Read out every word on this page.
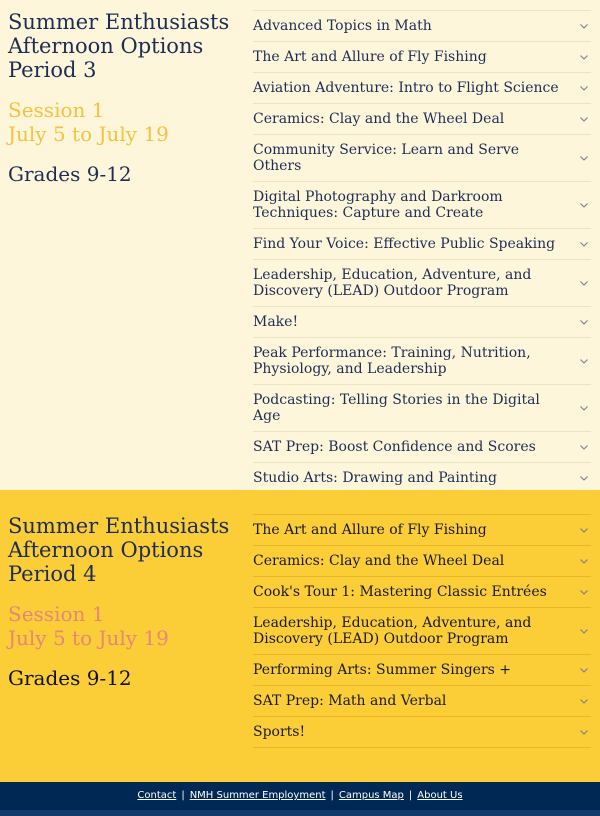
Summer Enthusiasts
Afternoon Options
Period 3

Session 1
July 5 to July 19

Grades 9-12

Advanced Topics in Math
The Art and Allure of Fly Fishing
Aviation Adventure: Intro to Flight Science
Ceramics: Clay and the Wheel Deal
Community Service: Learn and Serve Others
Digital Photography and Darkroom Techniques: Capture and Create
Find Your Voice: Effective Public Speaking
Leadership, Education, Adventure, and Discovery (LEAD) Outdoor Program
Make!
Peak Performance: Training, Nutrition, Physiology, and Leadership
Podcasting: Telling Stories in the Digital Age
SAT Prep: Boost Confidence and Scores
Studio Arts: Drawing and Painting
Summer Enthusiasts
Afternoon Options
Period 4

Session 1
July 5 to July 19

Grades 9-12

The Art and Allure of Fly Fishing
Ceramics: Clay and the Wheel Deal
Cook's Tour 1: Mastering Classic Entrées
Leadership, Education, Adventure, and Discovery (LEAD) Outdoor Program
Performing Arts: Summer Singers +
SAT Prep: Math and Verbal
Sports!
Contact | NMH Summer Employment | Campus Map | About Us
